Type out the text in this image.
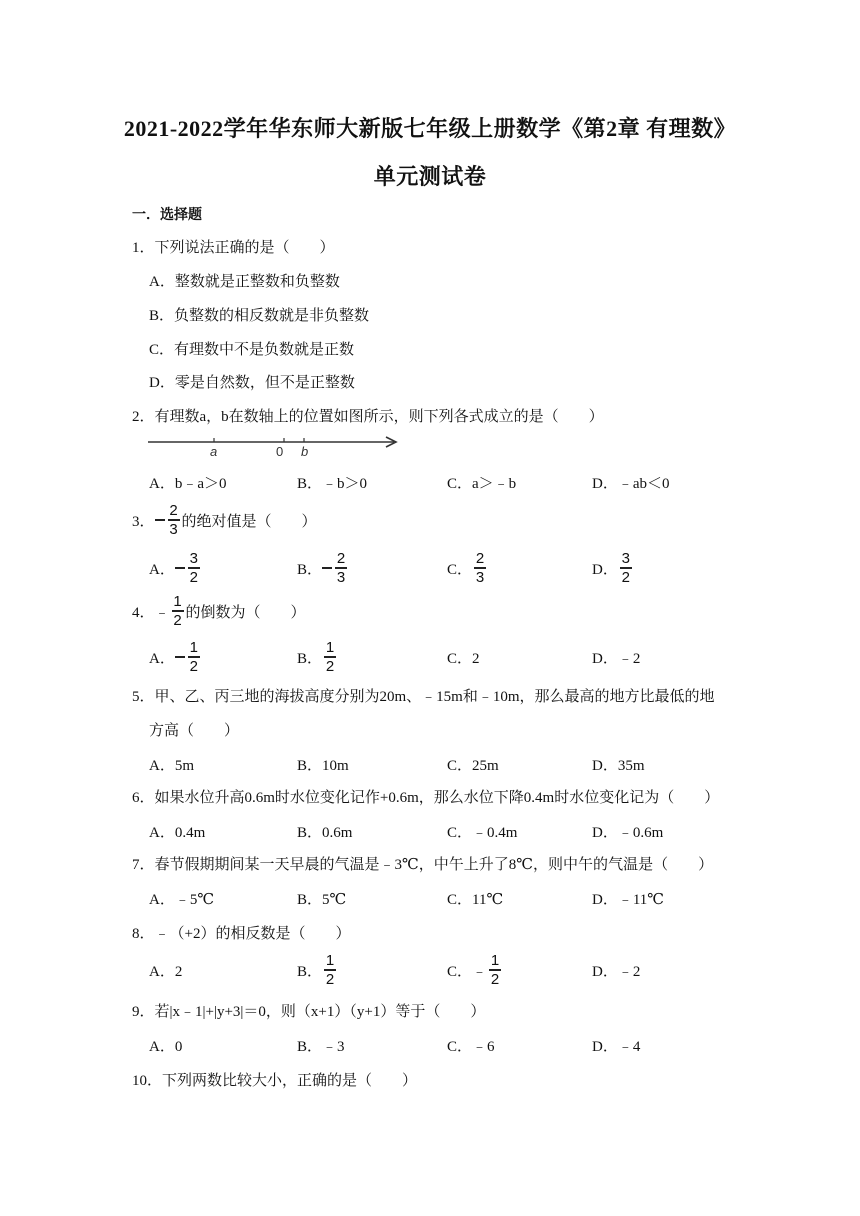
2021-2022学年华东师大新版七年级上册数学《第2章 有理数》
单元测试卷
一．选择题
1．下列说法正确的是（　　）
A．整数就是正整数和负整数
B．负整数的相反数就是非负整数
C．有理数中不是负数就是正数
D．零是自然数，但不是正整数
2．有理数a，b在数轴上的位置如图所示，则下列各式成立的是（　　）
a	0 b
A．b﹣a＞0	B．﹣b＞0	C．a＞﹣b	D．﹣ab＜0
3． $\frac{2}{3}$ 的绝对值是（　　）
A． $\frac{3}{2}$	B． $\frac{2}{3}$	C． $\frac{2}{3}$	D． $\frac{3}{2}$
4．﹣ $\frac{1}{2}$ 的倒数为（　　）
A． $\frac{1}{2}$	B． $\frac{1}{2}$	C．2	D．﹣2
5．甲、乙、丙三地的海拔高度分别为20m、﹣15m和﹣10m，那么最高的地方比最低的地
方高（　　）
A．5m	B．10m	C．25m	D．35m
6．如果水位升高0.6m时水位变化记作+0.6m，那么水位下降0.4m时水位变化记为（　　）
A．0.4m	B．0.6m	C．﹣0.4m	D．﹣0.6m
7．春节假期期间某一天早晨的气温是﹣3℃，中午上升了8℃，则中午的气温是（　　）
A．﹣5℃	B．5℃	C．11℃	D．﹣11℃
8．﹣（+2）的相反数是（　　）
A．2	B． $\frac{1}{2}$	C．﹣ $\frac{1}{2}$	D．﹣2
9．若|x﹣1|+|y+3|＝0，则（x+1）（y+1）等于（　　）
A．0	B．﹣3	C．﹣6	D．﹣4
10．下列两数比较大小，正确的是（　　）
